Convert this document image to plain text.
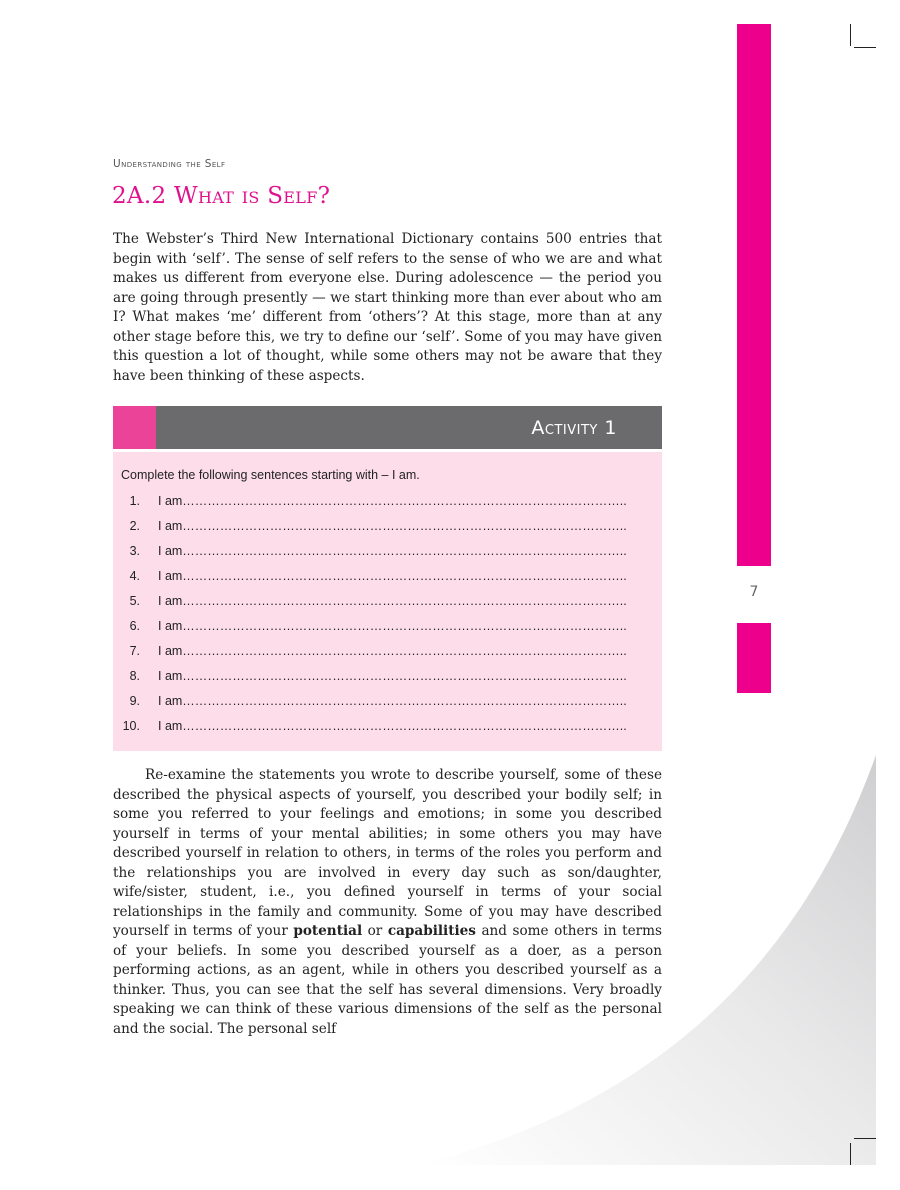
7
Understanding the Self
2A.2 What is Self?

The Webster’s Third New International Dictionary contains 500 entries that begin with ‘self’. The sense of self refers to the sense of who we are and what makes us different from everyone else. During adolescence — the period you are going through presently — we start thinking more than ever about who am I? What makes ‘me’ different from ‘others’? At this stage, more than at any other stage before this, we try to define our ‘self’. Some of you may have given this question a lot of thought, while some others may not be aware that they have been thinking of these aspects.

Activity 1
Complete the following sentences starting with – I am.
1. I am……………………………………………………………………………………………..
2. I am……………………………………………………………………………………………..
3. I am……………………………………………………………………………………………..
4. I am……………………………………………………………………………………………..
5. I am……………………………………………………………………………………………..
6. I am……………………………………………………………………………………………..
7. I am……………………………………………………………………………………………..
8. I am……………………………………………………………………………………………..
9. I am……………………………………………………………………………………………..
10. I am……………………………………………………………………………………………..

Re-examine the statements you wrote to describe yourself, some of these described the physical aspects of yourself, you described your bodily self; in some you referred to your feelings and emotions; in some you described yourself in terms of your mental abilities; in some others you may have described yourself in relation to others, in terms of the roles you perform and the relationships you are involved in every day such as son/daughter, wife/sister, student, i.e., you defined yourself in terms of your social relationships in the family and community. Some of you may have described yourself in terms of your potential or capabilities and some others in terms of your beliefs. In some you described yourself as a doer, as a person performing actions, as an agent, while in others you described yourself as a thinker. Thus, you can see that the self has several dimensions. Very broadly speaking we can think of these various dimensions of the self as the personal and the social. The personal self
